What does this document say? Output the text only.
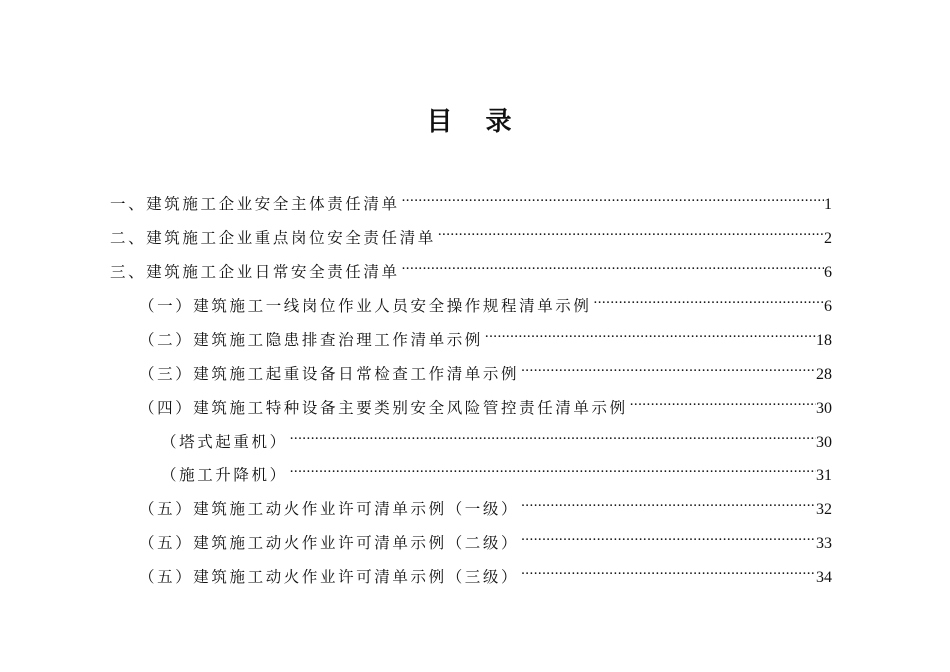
目 录
一、建筑施工企业安全主体责任清单 .....	1
二、建筑施工企业重点岗位安全责任清单 .....	2
三、建筑施工企业日常安全责任清单 .....	6
（一）建筑施工一线岗位作业人员安全操作规程清单示例 .....	6
（二）建筑施工隐患排查治理工作清单示例 .....	18
（三）建筑施工起重设备日常检查工作清单示例 .....	28
（四）建筑施工特种设备主要类别安全风险管控责任清单示例 .....	30
（塔式起重机） .....	30
（施工升降机） .....	31
（五）建筑施工动火作业许可清单示例（一级） .....	32
（五）建筑施工动火作业许可清单示例（二级） .....	33
（五）建筑施工动火作业许可清单示例（三级） .....	34
